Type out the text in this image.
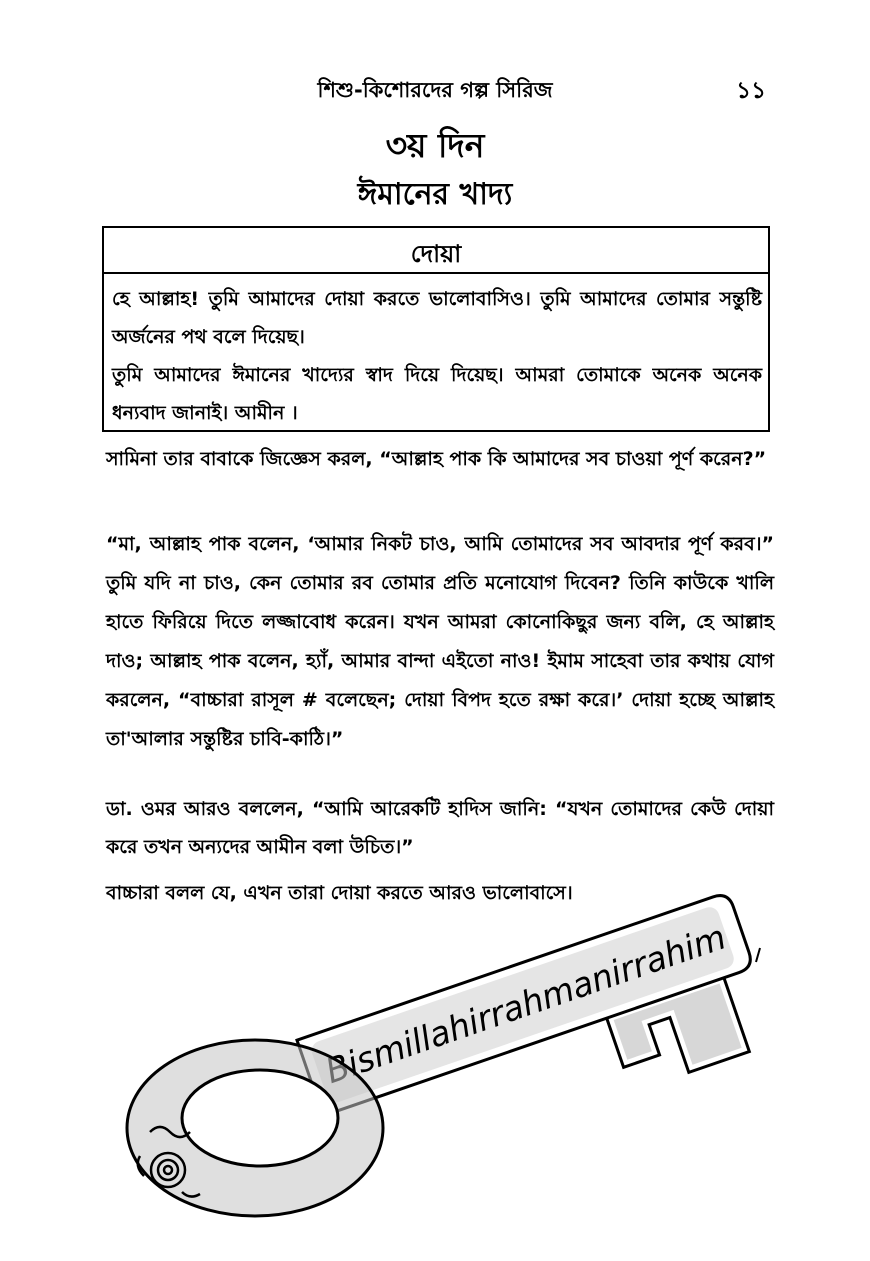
শিশু-কিশোরদের গল্প সিরিজ	১১
৩য় দিন
ঈমানের খাদ্য
দোয়া
হে আল্লাহ! তুমি আমাদের দোয়া করতে ভালোবাসিও। তুমি আমাদের তোমার সন্তুষ্টি অর্জনের পথ বলে দিয়েছ।
তুমি আমাদের ঈমানের খাদ্যের স্বাদ দিয়ে দিয়েছ। আমরা তোমাকে অনেক অনেক ধন্যবাদ জানাই। আমীন ।
সামিনা তার বাবাকে জিজ্ঞেস করল, “আল্লাহ পাক কি আমাদের সব চাওয়া পূর্ণ করেন?”
“মা, আল্লাহ পাক বলেন, ‘আমার নিকট চাও, আমি তোমাদের সব আবদার পূর্ণ করব।” তুমি যদি না চাও, কেন তোমার রব তোমার প্রতি মনোযোগ দিবেন? তিনি কাউকে খালি হাতে ফিরিয়ে দিতে লজ্জাবোধ করেন। যখন আমরা কোনোকিছুর জন্য বলি, হে আল্লাহ দাও; আল্লাহ পাক বলেন, হ্যাঁ, আমার বান্দা এইতো নাও! ইমাম সাহেবা তার কথায় যোগ করলেন, “বাচ্চারা রাসূল # বলেছেন; দোয়া বিপদ হতে রক্ষা করে।’ দোয়া হচ্ছে আল্লাহ তা'আলার সন্তুষ্টির চাবি-কাঠি।”
ডা. ওমর আরও বললেন, “আমি আরেকটি হাদিস জানি: “যখন তোমাদের কেউ দোয়া করে তখন অন্যদের আমীন বলা উচিত।”
বাচ্চারা বলল যে, এখন তারা দোয়া করতে আরও ভালোবাসে।
Bismillahirrahmanirrahim
